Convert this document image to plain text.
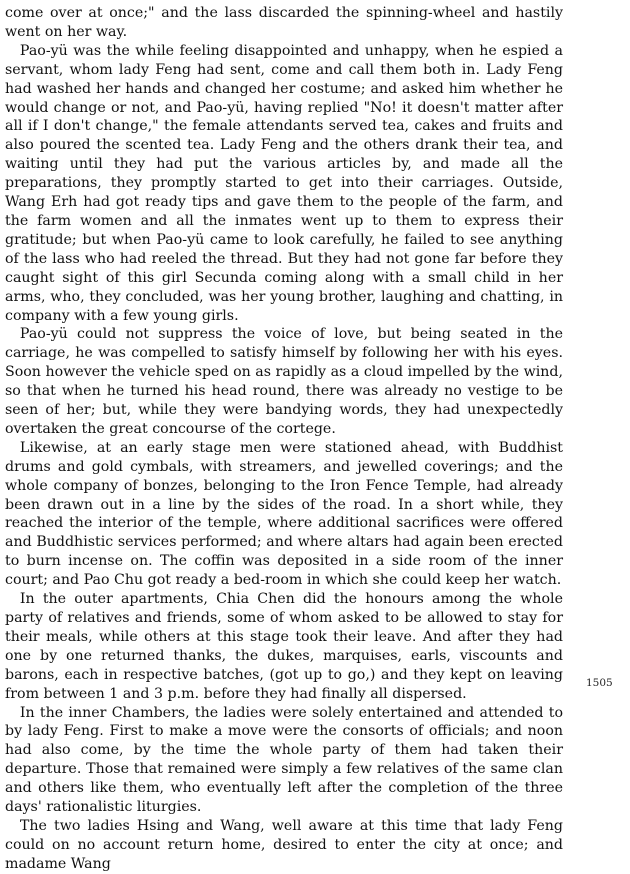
come over at once;" and the lass discarded the spinning-wheel and hastily went on her way.

Pao-yü was the while feeling disappointed and unhappy, when he espied a servant, whom lady Feng had sent, come and call them both in. Lady Feng had washed her hands and changed her costume; and asked him whether he would change or not, and Pao-yü, having replied "No! it doesn't matter after all if I don't change," the female attendants served tea, cakes and fruits and also poured the scented tea. Lady Feng and the others drank their tea, and waiting until they had put the various articles by, and made all the preparations, they promptly started to get into their carriages. Outside, Wang Erh had got ready tips and gave them to the people of the farm, and the farm women and all the inmates went up to them to express their gratitude; but when Pao-yü came to look carefully, he failed to see anything of the lass who had reeled the thread. But they had not gone far before they caught sight of this girl Secunda coming along with a small child in her arms, who, they concluded, was her young brother, laughing and chatting, in company with a few young girls.

Pao-yü could not suppress the voice of love, but being seated in the carriage, he was compelled to satisfy himself by following her with his eyes. Soon however the vehicle sped on as rapidly as a cloud impelled by the wind, so that when he turned his head round, there was already no vestige to be seen of her; but, while they were bandying words, they had unexpectedly overtaken the great concourse of the cortege.

Likewise, at an early stage men were stationed ahead, with Buddhist drums and gold cymbals, with streamers, and jewelled coverings; and the whole company of bonzes, belonging to the Iron Fence Temple, had already been drawn out in a line by the sides of the road. In a short while, they reached the interior of the temple, where additional sacrifices were offered and Buddhistic services performed; and where altars had again been erected to burn incense on. The coffin was deposited in a side room of the inner court; and Pao Chu got ready a bed-room in which she could keep her watch.

In the outer apartments, Chia Chen did the honours among the whole party of relatives and friends, some of whom asked to be allowed to stay for their meals, while others at this stage took their leave. And after they had one by one returned thanks, the dukes, marquises, earls, viscounts and barons, each in respective batches, (got up to go,) and they kept on leaving from between 1 and 3 p.m. before they had finally all dispersed.

In the inner Chambers, the ladies were solely entertained and attended to by lady Feng. First to make a move were the consorts of officials; and noon had also come, by the time the whole party of them had taken their departure. Those that remained were simply a few relatives of the same clan and others like them, who eventually left after the completion of the three days' rationalistic liturgies.

The two ladies Hsing and Wang, well aware at this time that lady Feng could on no account return home, desired to enter the city at once; and madame Wang

1505
